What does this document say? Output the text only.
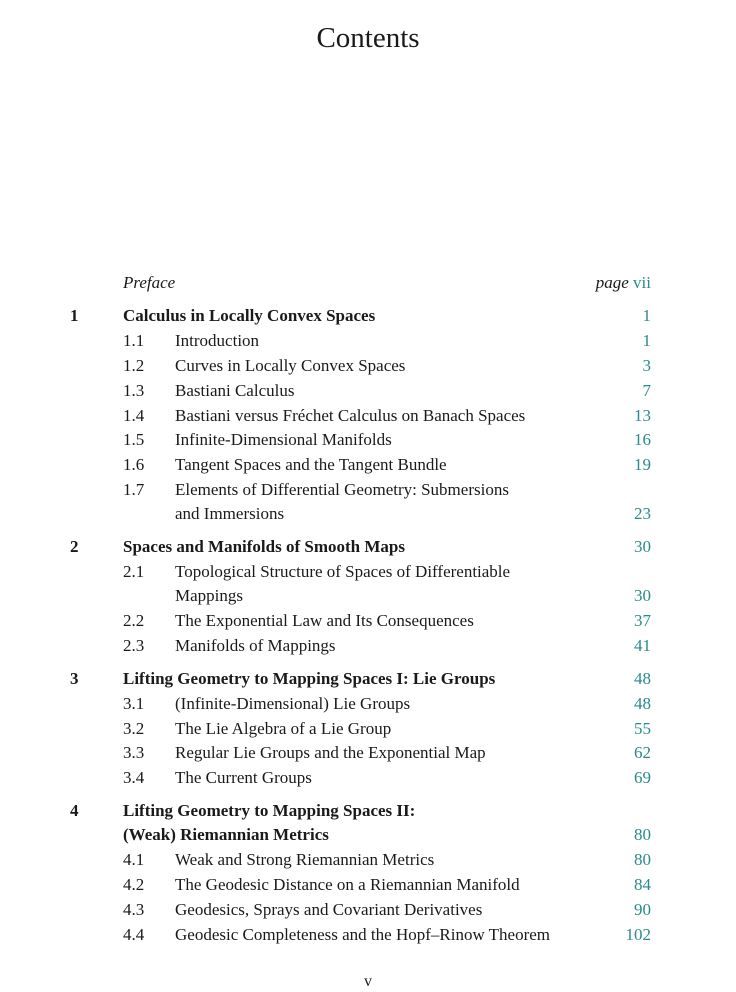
Contents
Preface	page vii
1	Calculus in Locally Convex Spaces	1
1.1 Introduction	1
1.2 Curves in Locally Convex Spaces	3
1.3 Bastiani Calculus	7
1.4 Bastiani versus Fréchet Calculus on Banach Spaces	13
1.5 Infinite-Dimensional Manifolds	16
1.6 Tangent Spaces and the Tangent Bundle	19
1.7 Elements of Differential Geometry: Submersions
and Immersions	23
2	Spaces and Manifolds of Smooth Maps	30
2.1 Topological Structure of Spaces of Differentiable
Mappings	30
2.2 The Exponential Law and Its Consequences	37
2.3 Manifolds of Mappings	41
3	Lifting Geometry to Mapping Spaces I: Lie Groups	48
3.1 (Infinite-Dimensional) Lie Groups	48
3.2 The Lie Algebra of a Lie Group	55
3.3 Regular Lie Groups and the Exponential Map	62
3.4 The Current Groups	69
4	Lifting Geometry to Mapping Spaces II:
(Weak) Riemannian Metrics	80
4.1 Weak and Strong Riemannian Metrics	80
4.2 The Geodesic Distance on a Riemannian Manifold	84
4.3 Geodesics, Sprays and Covariant Derivatives	90
4.4 Geodesic Completeness and the Hopf–Rinow Theorem	102
v
